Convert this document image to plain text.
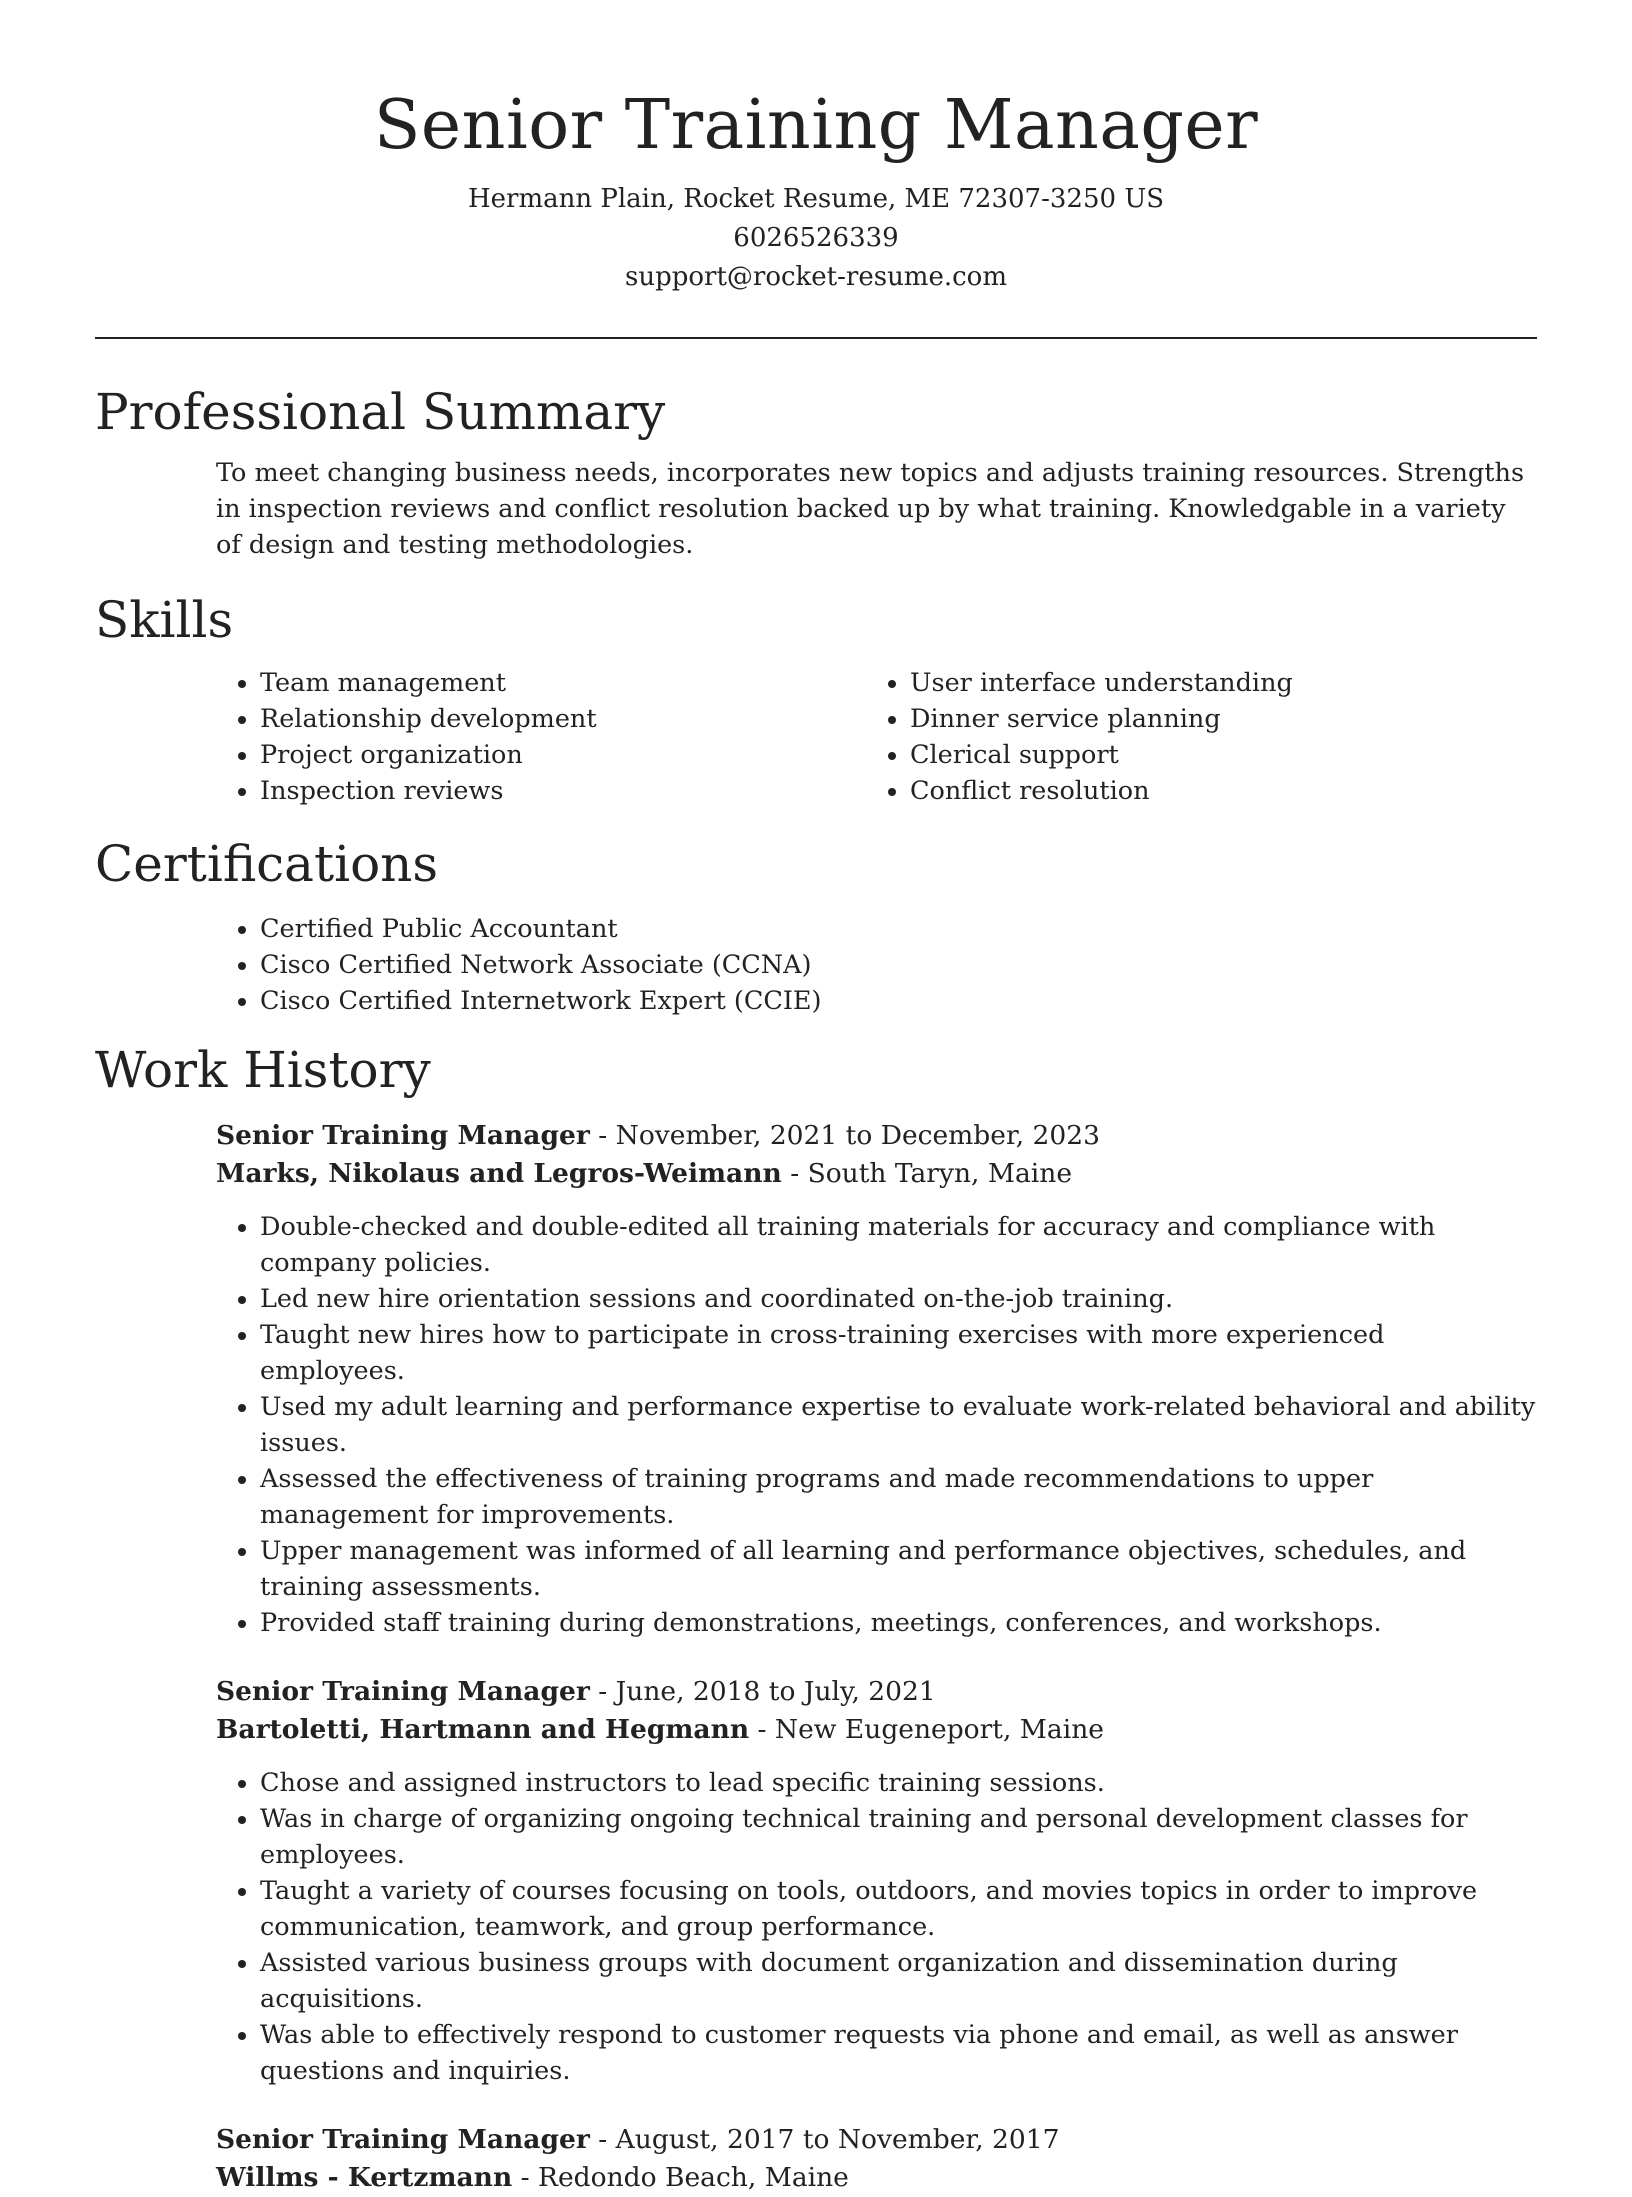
Senior Training Manager
Hermann Plain, Rocket Resume, ME 72307-3250 US
6026526339
support@rocket-resume.com
Professional Summary

To meet changing business needs, incorporates new topics and adjusts training resources. Strengths in inspection reviews and conflict resolution backed up by what training. Knowledgable in a variety of design and testing methodologies.

Skills
• Team management
• Relationship development
• Project organization
• Inspection reviews
• User interface understanding
• Dinner service planning
• Clerical support
• Conflict resolution
Certifications
• Certified Public Accountant
• Cisco Certified Network Associate (CCNA)
• Cisco Certified Internetwork Expert (CCIE)
Work History
Senior Training Manager - November, 2021 to December, 2023
Marks, Nikolaus and Legros-Weimann - South Taryn, Maine
• Double-checked and double-edited all training materials for accuracy and compliance with company policies.
• Led new hire orientation sessions and coordinated on-the-job training.
• Taught new hires how to participate in cross-training exercises with more experienced employees.
• Used my adult learning and performance expertise to evaluate work-related behavioral and ability issues.
• Assessed the effectiveness of training programs and made recommendations to upper management for improvements.
• Upper management was informed of all learning and performance objectives, schedules, and training assessments.
• Provided staff training during demonstrations, meetings, conferences, and workshops.
Senior Training Manager - June, 2018 to July, 2021
Bartoletti, Hartmann and Hegmann - New Eugeneport, Maine
• Chose and assigned instructors to lead specific training sessions.
• Was in charge of organizing ongoing technical training and personal development classes for employees.
• Taught a variety of courses focusing on tools, outdoors, and movies topics in order to improve communication, teamwork, and group performance.
• Assisted various business groups with document organization and dissemination during acquisitions.
• Was able to effectively respond to customer requests via phone and email, as well as answer questions and inquiries.
Senior Training Manager - August, 2017 to November, 2017
Willms - Kertzmann - Redondo Beach, Maine
